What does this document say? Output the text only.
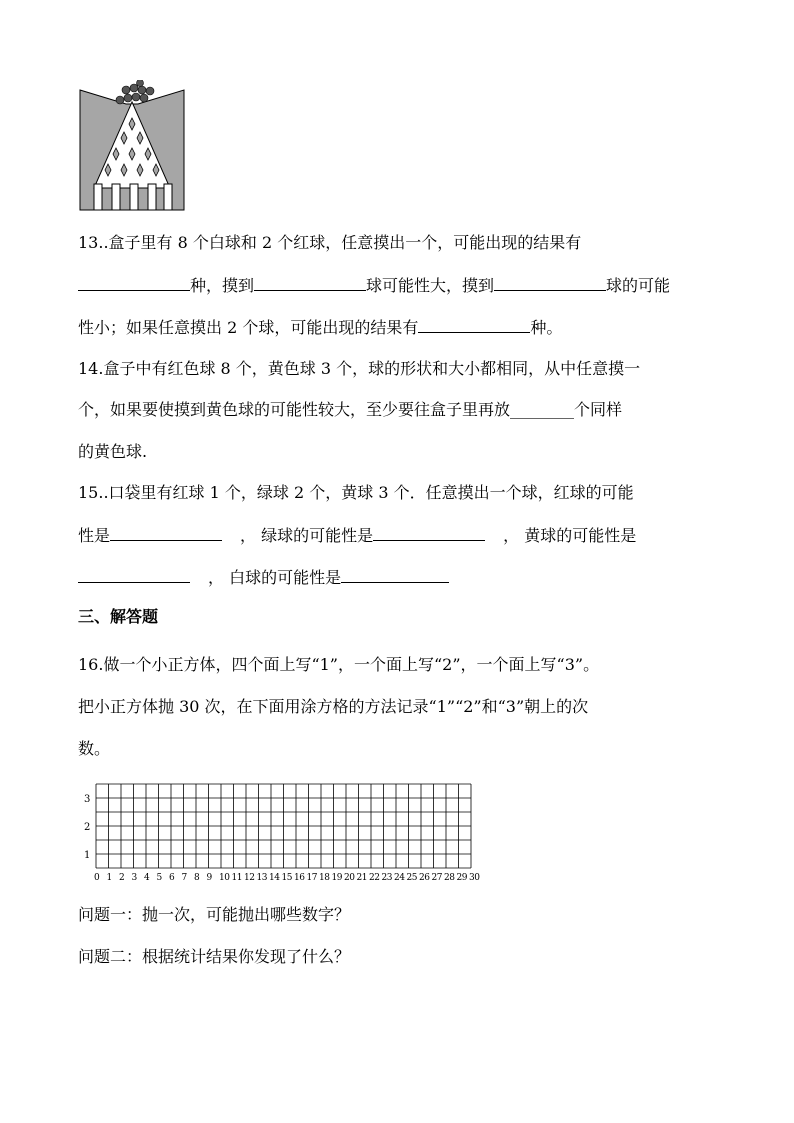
13..盒子里有 8 个白球和 2 个红球，任意摸出一个，可能出现的结果有
种，摸到	球可能性大，摸到	球的可能
性小；如果任意摸出 2 个球，可能出现的结果有	种。
14.盒子中有红色球 8 个，黄色球 3 个，球的形状和大小都相同，从中任意摸一
个，如果要使摸到黄色球的可能性较大，至少要往盒子里再放________个同样
的黄色球.
15..口袋里有红球 1 个，绿球 2 个，黄球 3 个．任意摸出一个球，红球的可能
性是	， 绿球的可能性是	， 黄球的可能性是
， 白球的可能性是
三、解答题
16.做一个小正方体，四个面上写“1”，一个面上写“2”，一个面上写“3”。
把小正方体抛 30 次，在下面用涂方格的方法记录“1”“2”和“3”朝上的次
数。
3
2
1
0 1 2 3 4 5 6 7 8 9 10 11 12 13 14 15 16 17 18 19 20 21 22 23 24 25 26 27 28 29 30
问题一：抛一次，可能抛出哪些数字？
问题二：根据统计结果你发现了什么？
